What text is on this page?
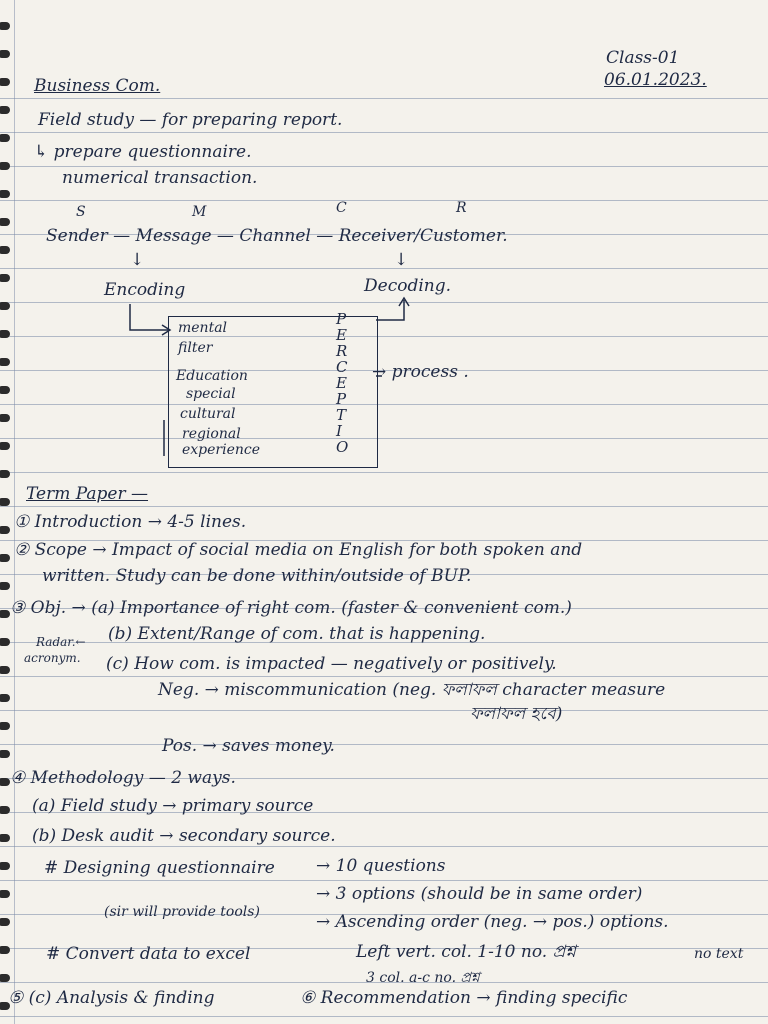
Class-01
06.01.2023.
Business Com.
Field study — for preparing report.
↳ prepare questionnaire.
numerical transaction.
S	M	C	R
Sender — Message — Channel — Receiver/Customer.
↓	↓
Encoding	Decoding.
mental
filter
Education
special
cultural
regional
experience
P
E
R
C
E
P
T
I
O
→ process .
Term Paper —
① Introduction → 4-5 lines.
② Scope → Impact of social media on English for both spoken and
written. Study can be done within/outside of BUP.
③ Obj. → (a) Importance of right com. (faster & convenient com.)
Radar.←
acronym.
(b) Extent/Range of com. that is happening.
(c) How com. is impacted — negatively or positively.
Neg. → miscommunication (neg. ফলাফল character measure
ফলাফল হবে)
Pos. → saves money.
④ Methodology — 2 ways.
(a) Field study → primary source
(b) Desk audit → secondary source.
# Designing questionnaire → 10 questions
→ 3 options (should be in same order)
→ Ascending order (neg. → pos.) options.
(sir will provide tools)
# Convert data to excel	Left vert. col. 1-10 no. প্রশ্ন
3 col. a-c no. প্রশ্ন
no text
⑤ (c) Analysis & finding	⑥ Recommendation → finding specific
